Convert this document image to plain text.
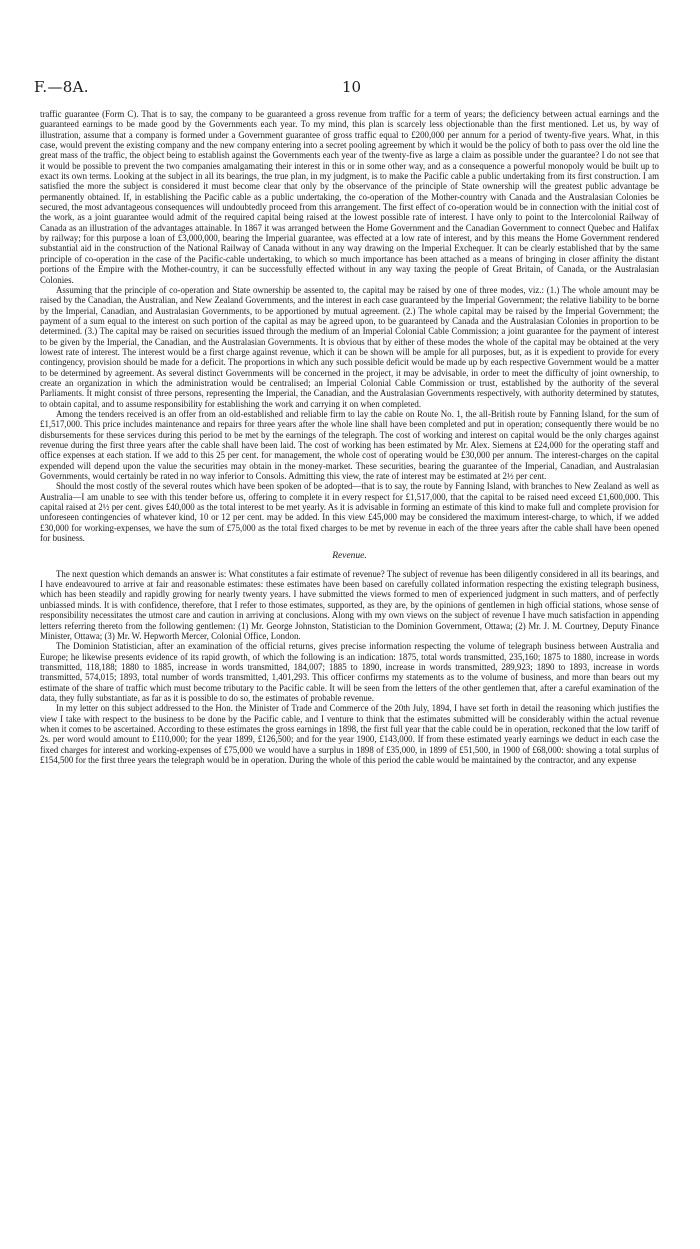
F.—8A.	10

traffic guarantee (Form C). That is to say, the company to be guaranteed a gross revenue from traffic for a term of years; the deficiency between actual earnings and the guaranteed earnings to be made good by the Governments each year. To my mind, this plan is scarcely less objectionable than the first mentioned. Let us, by way of illustration, assume that a company is formed under a Government guarantee of gross traffic equal to £200,000 per annum for a period of twenty-five years. What, in this case, would prevent the existing company and the new company entering into a secret pooling agreement by which it would be the policy of both to pass over the old line the great mass of the traffic, the object being to establish against the Governments each year of the twenty-five as large a claim as possible under the guarantee? I do not see that it would be possible to prevent the two companies amalgamating their interest in this or in some other way, and as a consequence a powerful monopoly would be built up to exact its own terms. Looking at the subject in all its bearings, the true plan, in my judgment, is to make the Pacific cable a public undertaking from its first construction. I am satisfied the more the subject is considered it must become clear that only by the observance of the principle of State ownership will the greatest public advantage be permanently obtained. If, in establishing the Pacific cable as a public undertaking, the co-operation of the Mother-country with Canada and the Australasian Colonies be secured, the most advantageous consequences will undoubtedly proceed from this arrangement. The first effect of co-operation would be in connection with the initial cost of the work, as a joint guarantee would admit of the required capital being raised at the lowest possible rate of interest. I have only to point to the Intercolonial Railway of Canada as an illustration of the advantages attainable. In 1867 it was arranged between the Home Government and the Canadian Government to connect Quebec and Halifax by railway; for this purpose a loan of £3,000,000, bearing the Imperial guarantee, was effected at a low rate of interest, and by this means the Home Government rendered substantial aid in the construction of the National Railway of Canada without in any way drawing on the Imperial Exchequer. It can be clearly established that by the same principle of co-operation in the case of the Pacific-cable undertaking, to which so much importance has been attached as a means of bringing in closer affinity the distant portions of the Empire with the Mother-country, it can be successfully effected without in any way taxing the people of Great Britain, of Canada, or the Australasian Colonies.

Assuming that the principle of co-operation and State ownership be assented to, the capital may be raised by one of three modes, viz.: (1.) The whole amount may be raised by the Canadian, the Australian, and New Zealand Governments, and the interest in each case guaranteed by the Imperial Government; the relative liability to be borne by the Imperial, Canadian, and Australasian Governments, to be apportioned by mutual agreement. (2.) The whole capital may be raised by the Imperial Government; the payment of a sum equal to the interest on such portion of the capital as may be agreed upon, to be guaranteed by Canada and the Australasian Colonies in proportion to be determined. (3.) The capital may be raised on securities issued through the medium of an Imperial Colonial Cable Commission; a joint guarantee for the payment of interest to be given by the Imperial, the Canadian, and the Australasian Governments. It is obvious that by either of these modes the whole of the capital may be obtained at the very lowest rate of interest. The interest would be a first charge against revenue, which it can be shown will be ample for all purposes, but, as it is expedient to provide for every contingency, provision should be made for a deficit. The proportions in which any such possible deficit would be made up by each respective Government would be a matter to be determined by agreement. As several distinct Governments will be concerned in the project, it may be advisable, in order to meet the difficulty of joint ownership, to create an organization in which the administration would be centralised; an Imperial Colonial Cable Commission or trust, established by the authority of the several Parliaments. It might consist of three persons, representing the Imperial, the Canadian, and the Australasian Governments respectively, with authority determined by statutes, to obtain capital, and to assume responsibility for establishing the work and carrying it on when completed.

Among the tenders received is an offer from an old-established and reliable firm to lay the cable on Route No. 1, the all-British route by Fanning Island, for the sum of £1,517,000. This price includes maintenance and repairs for three years after the whole line shall have been completed and put in operation; consequently there would be no disbursements for these services during this period to be met by the earnings of the telegraph. The cost of working and interest on capital would be the only charges against revenue during the first three years after the cable shall have been laid. The cost of working has been estimated by Mr. Alex. Siemens at £24,000 for the operating staff and office expenses at each station. If we add to this 25 per cent. for management, the whole cost of operating would be £30,000 per annum. The interest-charges on the capital expended will depend upon the value the securities may obtain in the money-market. These securities, bearing the guarantee of the Imperial, Canadian, and Australasian Governments, would certainly be rated in no way inferior to Consols. Admitting this view, the rate of interest may be estimated at 2½ per cent.

Should the most costly of the several routes which have been spoken of be adopted—that is to say, the route by Fanning Island, with branches to New Zealand as well as Australia—I am unable to see with this tender before us, offering to complete it in every respect for £1,517,000, that the capital to be raised need exceed £1,600,000. This capital raised at 2½ per cent. gives £40,000 as the total interest to be met yearly. As it is advisable in forming an estimate of this kind to make full and complete provision for unforeseen contingencies of whatever kind, 10 or 12 per cent. may be added. In this view £45,000 may be considered the maximum interest-charge, to which, if we added £30,000 for working-expenses, we have the sum of £75,000 as the total fixed charges to be met by revenue in each of the three years after the cable shall have been opened for business.

Revenue.

The next question which demands an answer is: What constitutes a fair estimate of revenue? The subject of revenue has been diligently considered in all its bearings, and I have endeavoured to arrive at fair and reasonable estimates: these estimates have been based on carefully collated information respecting the existing telegraph business, which has been steadily and rapidly growing for nearly twenty years. I have submitted the views formed to men of experienced judgment in such matters, and of perfectly unbiassed minds. It is with confidence, therefore, that I refer to those estimates, supported, as they are, by the opinions of gentlemen in high official stations, whose sense of responsibility necessitates the utmost care and caution in arriving at conclusions. Along with my own views on the subject of revenue I have much satisfaction in appending letters referring thereto from the following gentlemen: (1) Mr. George Johnston, Statistician to the Dominion Government, Ottawa; (2) Mr. J. M. Courtney, Deputy Finance Minister, Ottawa; (3) Mr. W. Hepworth Mercer, Colonial Office, London.

The Dominion Statistician, after an examination of the official returns, gives precise information respecting the volume of telegraph business between Australia and Europe; he likewise presents evidence of its rapid growth, of which the following is an indication: 1875, total words transmitted, 235,160; 1875 to 1880, increase in words transmitted, 118,188; 1880 to 1885, increase in words transmitted, 184,007; 1885 to 1890, increase in words transmitted, 289,923; 1890 to 1893, increase in words transmitted, 574,015; 1893, total number of words transmitted, 1,401,293. This officer confirms my statements as to the volume of business, and more than bears out my estimate of the share of traffic which must become tributary to the Pacific cable. It will be seen from the letters of the other gentlemen that, after a careful examination of the data, they fully substantiate, as far as it is possible to do so, the estimates of probable revenue.

In my letter on this subject addressed to the Hon. the Minister of Trade and Commerce of the 20th July, 1894, I have set forth in detail the reasoning which justifies the view I take with respect to the business to be done by the Pacific cable, and I venture to think that the estimates submitted will be considerably within the actual revenue when it comes to be ascertained. According to these estimates the gross earnings in 1898, the first full year that the cable could be in operation, reckoned that the low tariff of 2s. per word would amount to £110,000; for the year 1899, £126,500; and for the year 1900, £143,000. If from these estimated yearly earnings we deduct in each case the fixed charges for interest and working-expenses of £75,000 we would have a surplus in 1898 of £35,000, in 1899 of £51,500, in 1900 of £68,000: showing a total surplus of £154,500 for the first three years the telegraph would be in operation. During the whole of this period the cable would be maintained by the contractor, and any expense
